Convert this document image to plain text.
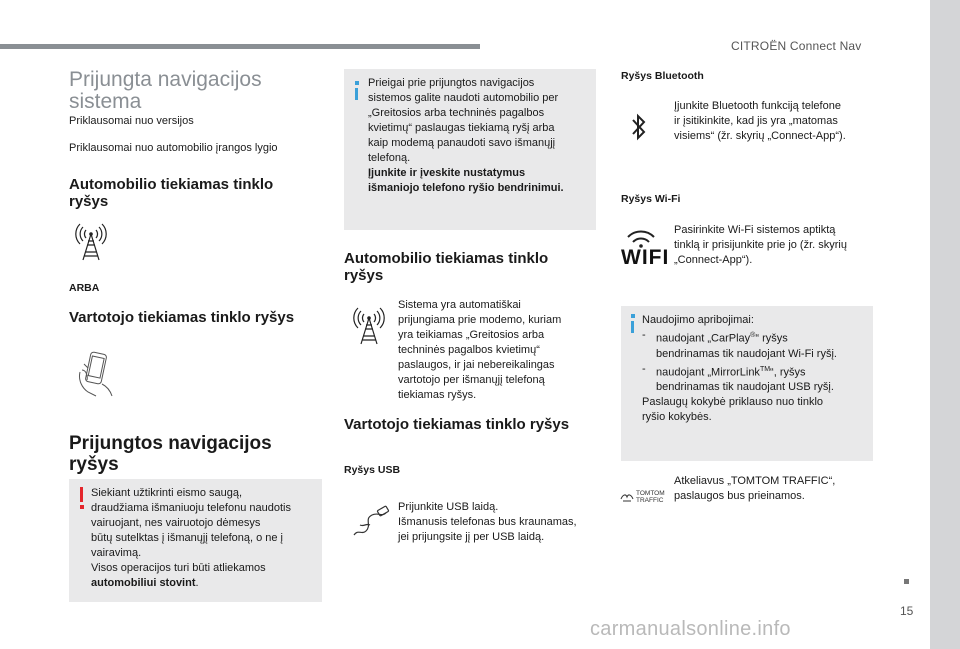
CITROËN Connect Nav
15
carmanualsonline.info
Prijungta navigacijos
sistema
Priklausomai nuo versijos
Priklausomai nuo automobilio įrangos lygio
Automobilio tiekiamas tinklo
ryšys
ARBA
Vartotojo tiekiamas tinklo ryšys
Prijungtos navigacijos
ryšys
Siekiant užtikrinti eismo saugą,
draudžiama išmaniuoju telefonu naudotis
vairuojant, nes vairuotojo dėmesys
būtų sutelktas į išmanųjį telefoną, o ne į
vairavimą.
Visos operacijos turi būti atliekamos
automobiliui stovint.
Prieigai prie prijungtos navigacijos
sistemos galite naudoti automobilio per
„Greitosios arba techninės pagalbos
kvietimų“ paslaugas tiekiamą ryšį arba
kaip modemą panaudoti savo išmanųjį
telefoną.
Įjunkite ir įveskite nustatymus
išmaniojo telefono ryšio bendrinimui.
Automobilio tiekiamas tinklo
ryšys
Sistema yra automatiškai
prijungiama prie modemo, kuriam
yra teikiamas „Greitosios arba
techninės pagalbos kvietimų“
paslaugos, ir jai nebereikalingas
vartotojo per išmanųjį telefoną
tiekiamas ryšys.
Vartotojo tiekiamas tinklo ryšys
Ryšys USB
Prijunkite USB laidą.
Išmanusis telefonas bus kraunamas,
jei prijungsite jį per USB laidą.
Ryšys Bluetooth
Įjunkite Bluetooth funkciją telefone
ir įsitikinkite, kad jis yra „matomas
visiems“ (žr. skyrių „Connect-App“).
Ryšys Wi-Fi
WIFI
Pasirinkite Wi-Fi sistemos aptiktą
tinklą ir prisijunkite prie jo (žr. skyrių
„Connect-App“).
Naudojimo apribojimai:
- naudojant „CarPlay®“ ryšys
bendrinamas tik naudojant Wi-Fi ryšį.
- naudojant „MirrorLink™“, ryšys
bendrinamas tik naudojant USB ryšį.
Paslaugų kokybė priklauso nuo tinklo
ryšio kokybės.
TOMTOM
TRAFFIC
Atkeliavus „TOMTOM TRAFFIC“,
paslaugos bus prieinamos.
